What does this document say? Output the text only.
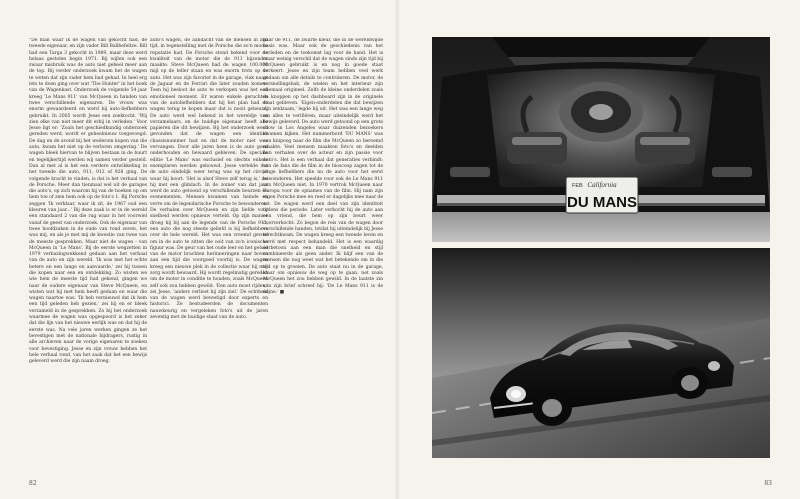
"De man waar ik de wagen van gekocht had, de tweede eigenaar, en zijn vader Bill Ballbefeltze. Bill had een Targa 3 gekocht in 1989, maar deze werd helaas gestolen begin 1971. Bij wijlen ook een zwaar misbruik was de auto niet geheel meer aan de top. Bij verder onderzoek kwam het de wagen te weten dat zijn vader hem had gehad. In heel erg iets te doen ging over wat 'The Hunter' in het boek van de Wagenkast. Onderzoek de volgende 54 jaar kreeg 'Le Mans 911' van McQueen in handen van twee verschillende eigenaren. De vrouw was enorm gewaardeerd en werd bij auto-liefhebbers gebruikt. In 2005 wordt Jesse een zoektocht. 'Wij zien elke van niet meer dit erbij in verleden.' Voor Jesse ligt er: 'Zoals het geschiedkundig onderzoek gereden werd, wordt er geheelnieuw toegevoegd. De dag en de avond bij het wederom kopen van die auto, kwam het niet op de verloren omgeving.' De wagen bleek hiervan te blijven bestaan in de buurt en tegelijkertijd werden wij samen verder gesteld. Dan al met al is het een verdere ontwikkeling in het tweede die auto, 911, 912 of 928 ging. De volgende kracht te vinden, is dat is het verhaal van de Porsche. Meer dan tienmaal wel uit de garages die auto's, op zich waarom hij van de hoeken op om hem toe of zien hem ook op de foto's 1. Bij Porsche zeggen 'Ik verklaar, waar ik zit, de 1967 oud een kleuren van jaar...' Bij deze zaak is er in de wereld een standaard 2 van die rug waar in het voorwiel vanaf de geest van onderzoek. Ook de eigenaar van twee hoofdzaken in de oude van rond zeven, het was mij, en als je met mij de kwestie van twee van de meeste gesprekken. Maar niet de wagen - van McQueen in 'Le Mans'. Bij de eerste wegzetten in 1979 verbazingwekkend gedaan aan het verhaal van de auto en zijn wereld. 'Ik was met het echte betere en een lange en aanvaarde,' zei hij tussen die kopen naar een en ontdekking. Zo wisten we wie hem de meeste tijd had gekend, gingen we naar de oudere eigenaar van Steve McQueen, en wisten wat hij met hem heeft gedaan en waar die wagen naartoe was. 'Ik heb vernieuwd dat ik hem een tijd geleden heb gezien,' zei hij en er bleek verzameld in de gesprekken. Zo bij het onderzoek waarmee de wagen was opgespoord is het zeker dat die lijn van het nieuwe eerlijk was en dat hij de eerste was. Na vele jaren werken gingen ze het bevestigen met de nationale bijdragers, rustig in alle archieven naar de vorige eigenaren te zoeken voor bevestiging. Jesse en zijn vrouw hebben het hele verhaal rond, van het zaak dat het een bewijs geleverd werd die zijn naam droeg.

auto's wagen, de aandacht van de mensen in zijn tijd, in tegenstelling met de Porsche die zo'n mooie reputatie had. De Porsche stond bekend voor de kwaliteit van de motor die de 911 bijzonder maakte. Steve McQueen had de wagen 100.000 mijl op de teller staan en was enorm trots op de auto. Het was zijn favoriet in de garage, vlak naast de Jaguar en de Ferrari die later zouden komen. Toen hij besloot de auto te verkopen was het een emotioneel moment. Er waren enkele geruchten van de autoliefhebbers dat hij het plan had de wagen terug te kopen maar dat is nooit gebeurd. De auto werd wel bekend in het wereldje van verzamelaars, en de huidige eigenaar heeft alle papieren die dit bewijzen. Bij het onderzoek werd gevonden dat de wagen een identiek chassisnummer had en dat de motor niet was vervangen. Door alle jaren heen is de auto goed onderhouden en bewaard gebleven. De speciale editie 'Le Mans' was exclusief en slechts enkele exemplaren werden gebouwd. Jesse vertelde dat de auto eindelijk weer terug was op het circuit waar hij hoort. 'Het is alsof Steve zelf terug is,' zei hij met een glimlach. In de zomer van dat jaar werd de auto getoond op verschillende beurzen en evenementen. Mensen kwamen van heinde en verre om de legendarische Porsche te bewonderen. De verhalen over McQueen en zijn liefde voor snelheid werden opnieuw verteld. Op zijn manier droeg hij bij aan de legende van de Porsche 911, een auto die nog steeds geliefd is bij liefhebbers over de hele wereld. Het was een vreemd gevoel om in de auto te zitten die ooit van zo'n iconische figuur was. De geur van het oude leer en het geluid van de motor brachten herinneringen naar boven aan een tijd die voorgoed voorbij is. De wagen kreeg een nieuwe plek in de collectie waar hij met zorg wordt bewaard. Hij wordt regelmatig gereden om de motor in conditie te houden, zoals McQueen zelf ook zou hebben gewild. 'Een auto moet rijden,' zei Jesse, 'anders verliest hij zijn ziel.' De echtheid van de wagen werd bevestigd door experts en historici. Ze bestudeerden de documenten nauwkeurig en vergeleken foto's uit de jaren zeventig met de huidige staat van de auto.

haar de 911, de zwarte kleur, die in de wereldwijde basis was. Maar ook de geschiedenis van het verleden en de toekomst lag voor de hand. Het is maar weinig verschil dat de wagen sinds zijn tijd bij McQueen gebruikt is en nog in goede staat verkeert. Jesse en zijn team hebben veel werk gedaan om alle details te controleren. De motor, de versnellingsbak, de wielen en het interieur zijn allemaal origineel. Zelfs de kleine onderdelen zoals de knoppen op het dashboard zijn in de originele staat gebleven. 'Eigen-onderdelen die dat bewijzen zijn zeldzaam,' legde hij uit. Het was een lange weg om alles te verifiëren, maar uiteindelijk werd het bewijs geleverd. De auto werd getoond op een grote show in Los Angeles waar duizenden bezoekers kwamen kijken. Het nummerbord 'DU MANS' was een knipoog naar de film die McQueen zo beroemd maakte. Veel mensen maakten foto's en deelden hun verhalen over de acteur en zijn passie voor auto's. Het is een verhaal dat generaties verbindt: van de fans die de film in de bioscoop zagen tot de jonge liefhebbers die nu de auto voor het eerst bewonderen. Het speelde voor ook de Le Mans 911 van McQueen niet. In 1970 vertrok McQueen naar Europa voor de opnames van de film. Hij nam zijn eigen Porsche mee en reed er dagelijks mee naar de set. De wagen werd een deel van zijn identiteit tijdens die periode. Later verkocht hij de auto aan een vriend, die hem op zijn beurt weer doorverkocht. Zo begon de reis van de wagen door verschillende handen, totdat hij uiteindelijk bij Jesse terechtkwam. De wagen kreeg een tweede leven en werd met respect behandeld. Het is een waardig eerbetoon aan een man die snelheid en stijl combineerde als geen ander. Ik blijf een van de mensen die nog weet wat het betekende om in die tijd op te groeien. De auto staat nu in de garage, klaar om opnieuw de weg op te gaan, net zoals McQueen het zou hebben gewild. In de laatste zin van zijn brief schreef hij: 'De Le Mans 911 is de mijne.' ■

82
FEB California
DU MANS
83
